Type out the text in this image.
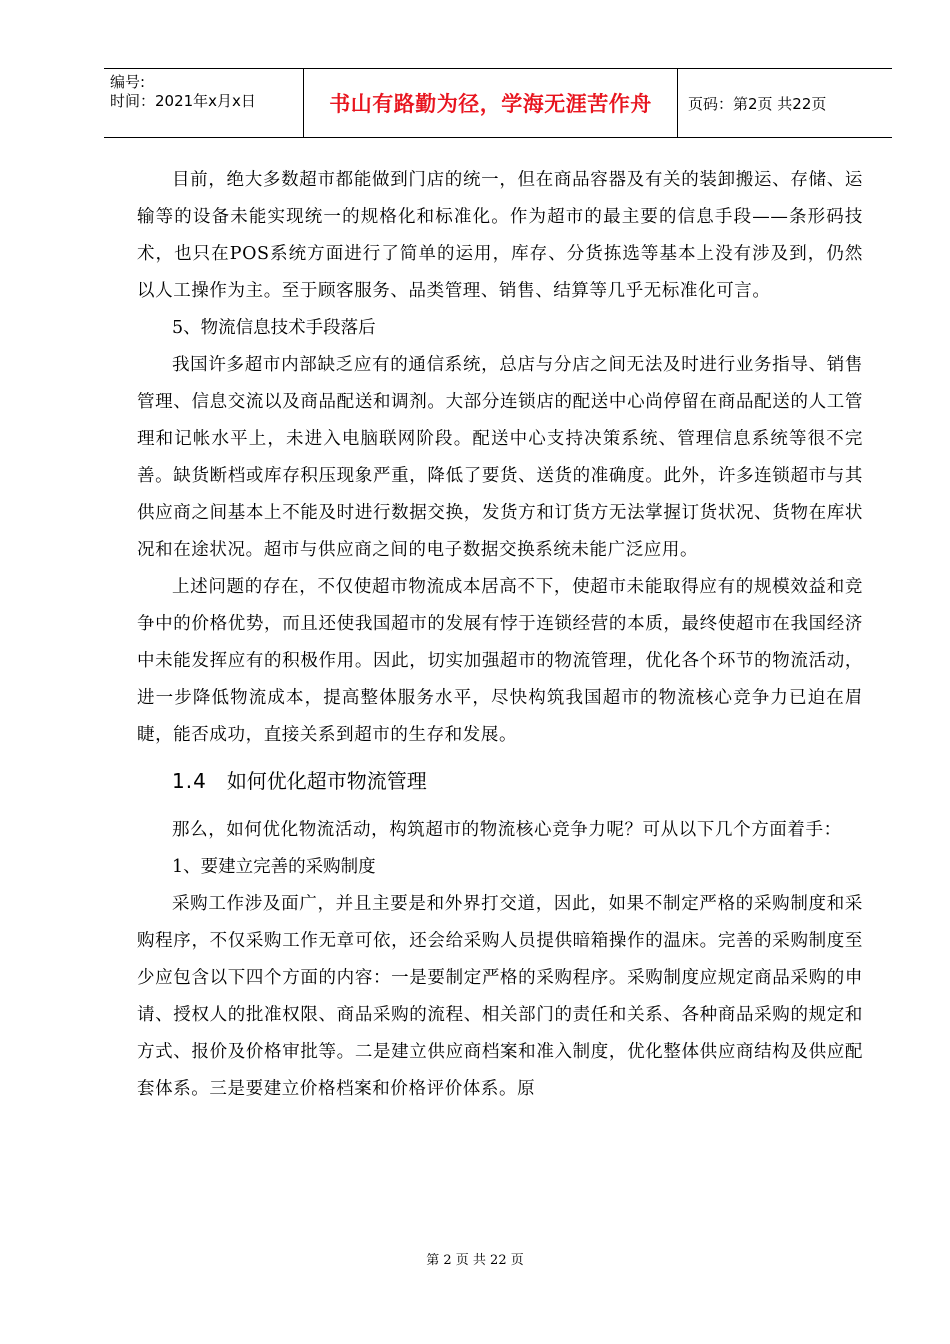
编号:
时间：2021年x月x日	书山有路勤为径，学海无涯苦作舟	页码：第2页 共22页

目前，绝大多数超市都能做到门店的统一，但在商品容器及有关的装卸搬运、存储、运输等的设备未能实现统一的规格化和标准化。作为超市的最主要的信息手段——条形码技术，也只在POS系统方面进行了简单的运用，库存、分货拣选等基本上没有涉及到，仍然以人工操作为主。至于顾客服务、品类管理、销售、结算等几乎无标准化可言。

5、物流信息技术手段落后

我国许多超市内部缺乏应有的通信系统，总店与分店之间无法及时进行业务指导、销售管理、信息交流以及商品配送和调剂。大部分连锁店的配送中心尚停留在商品配送的人工管理和记帐水平上，未进入电脑联网阶段。配送中心支持决策系统、管理信息系统等很不完善。缺货断档或库存积压现象严重，降低了要货、送货的准确度。此外，许多连锁超市与其供应商之间基本上不能及时进行数据交换，发货方和订货方无法掌握订货状况、货物在库状况和在途状况。超市与供应商之间的电子数据交换系统未能广泛应用。

上述问题的存在，不仅使超市物流成本居高不下，使超市未能取得应有的规模效益和竞争中的价格优势，而且还使我国超市的发展有悖于连锁经营的本质，最终使超市在我国经济中未能发挥应有的积极作用。因此，切实加强超市的物流管理，优化各个环节的物流活动，进一步降低物流成本，提高整体服务水平，尽快构筑我国超市的物流核心竞争力已迫在眉睫，能否成功，直接关系到超市的生存和发展。

1.4 如何优化超市物流管理

那么，如何优化物流活动，构筑超市的物流核心竞争力呢？可从以下几个方面着手：

1、要建立完善的采购制度

采购工作涉及面广，并且主要是和外界打交道，因此，如果不制定严格的采购制度和采购程序，不仅采购工作无章可依，还会给采购人员提供暗箱操作的温床。完善的采购制度至少应包含以下四个方面的内容：一是要制定严格的采购程序。采购制度应规定商品采购的申请、授权人的批准权限、商品采购的流程、相关部门的责任和关系、各种商品采购的规定和方式、报价及价格审批等。二是建立供应商档案和准入制度，优化整体供应商结构及供应配套体系。三是要建立价格档案和价格评价体系。原

第 2 页 共 22 页
